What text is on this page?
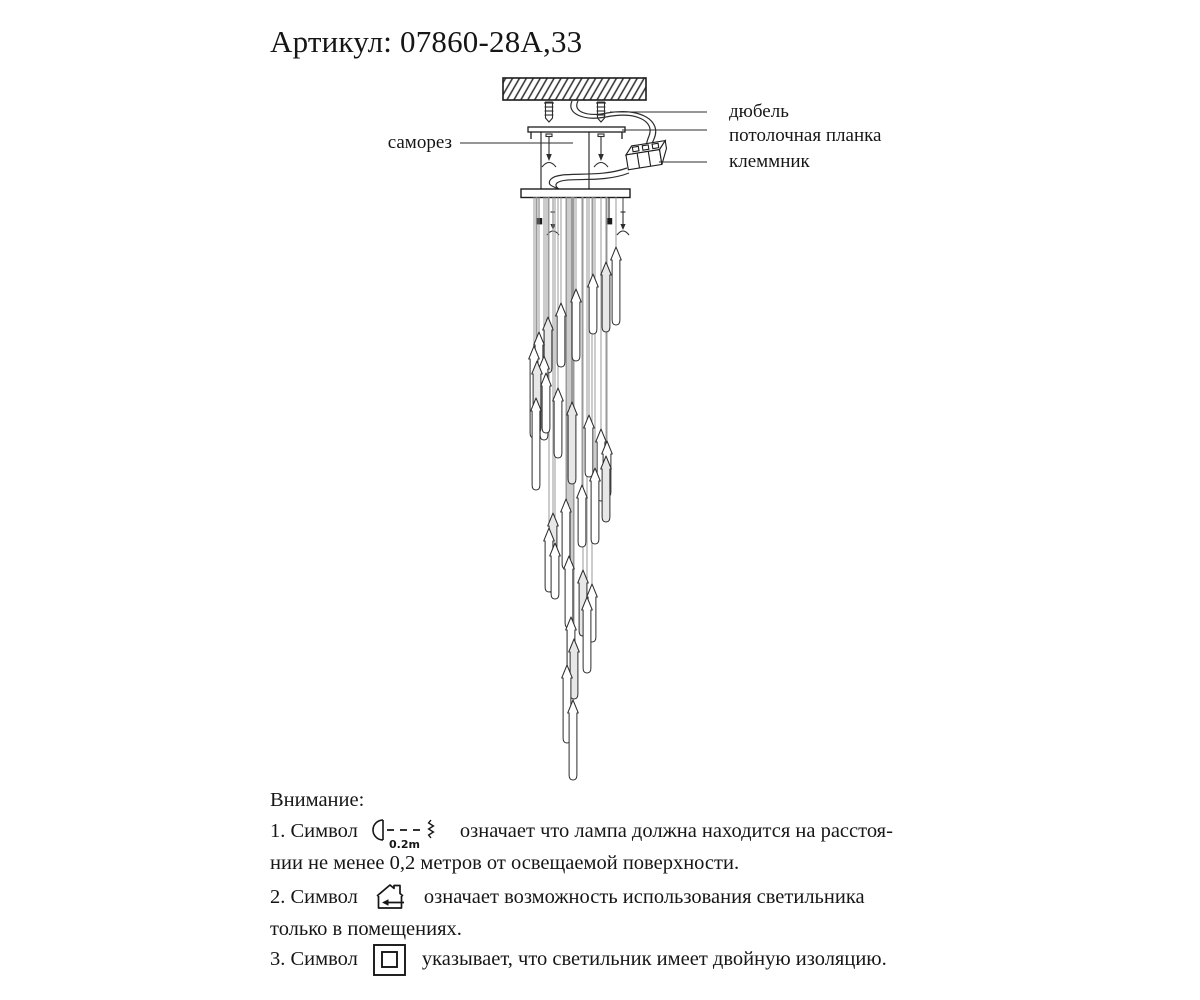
Артикул: 07860-28A,33
саморез
дюбель
потолочная планка
клеммник
Внимание:
1. Символ
0.2m
означает что лампа должна находится на расстоя-
нии не менее 0,2 метров от освещаемой поверхности.
2. Символ	означает возможность использования светильника
только в помещениях.
3. Символ	указывает, что светильник имеет двойную изоляцию.
